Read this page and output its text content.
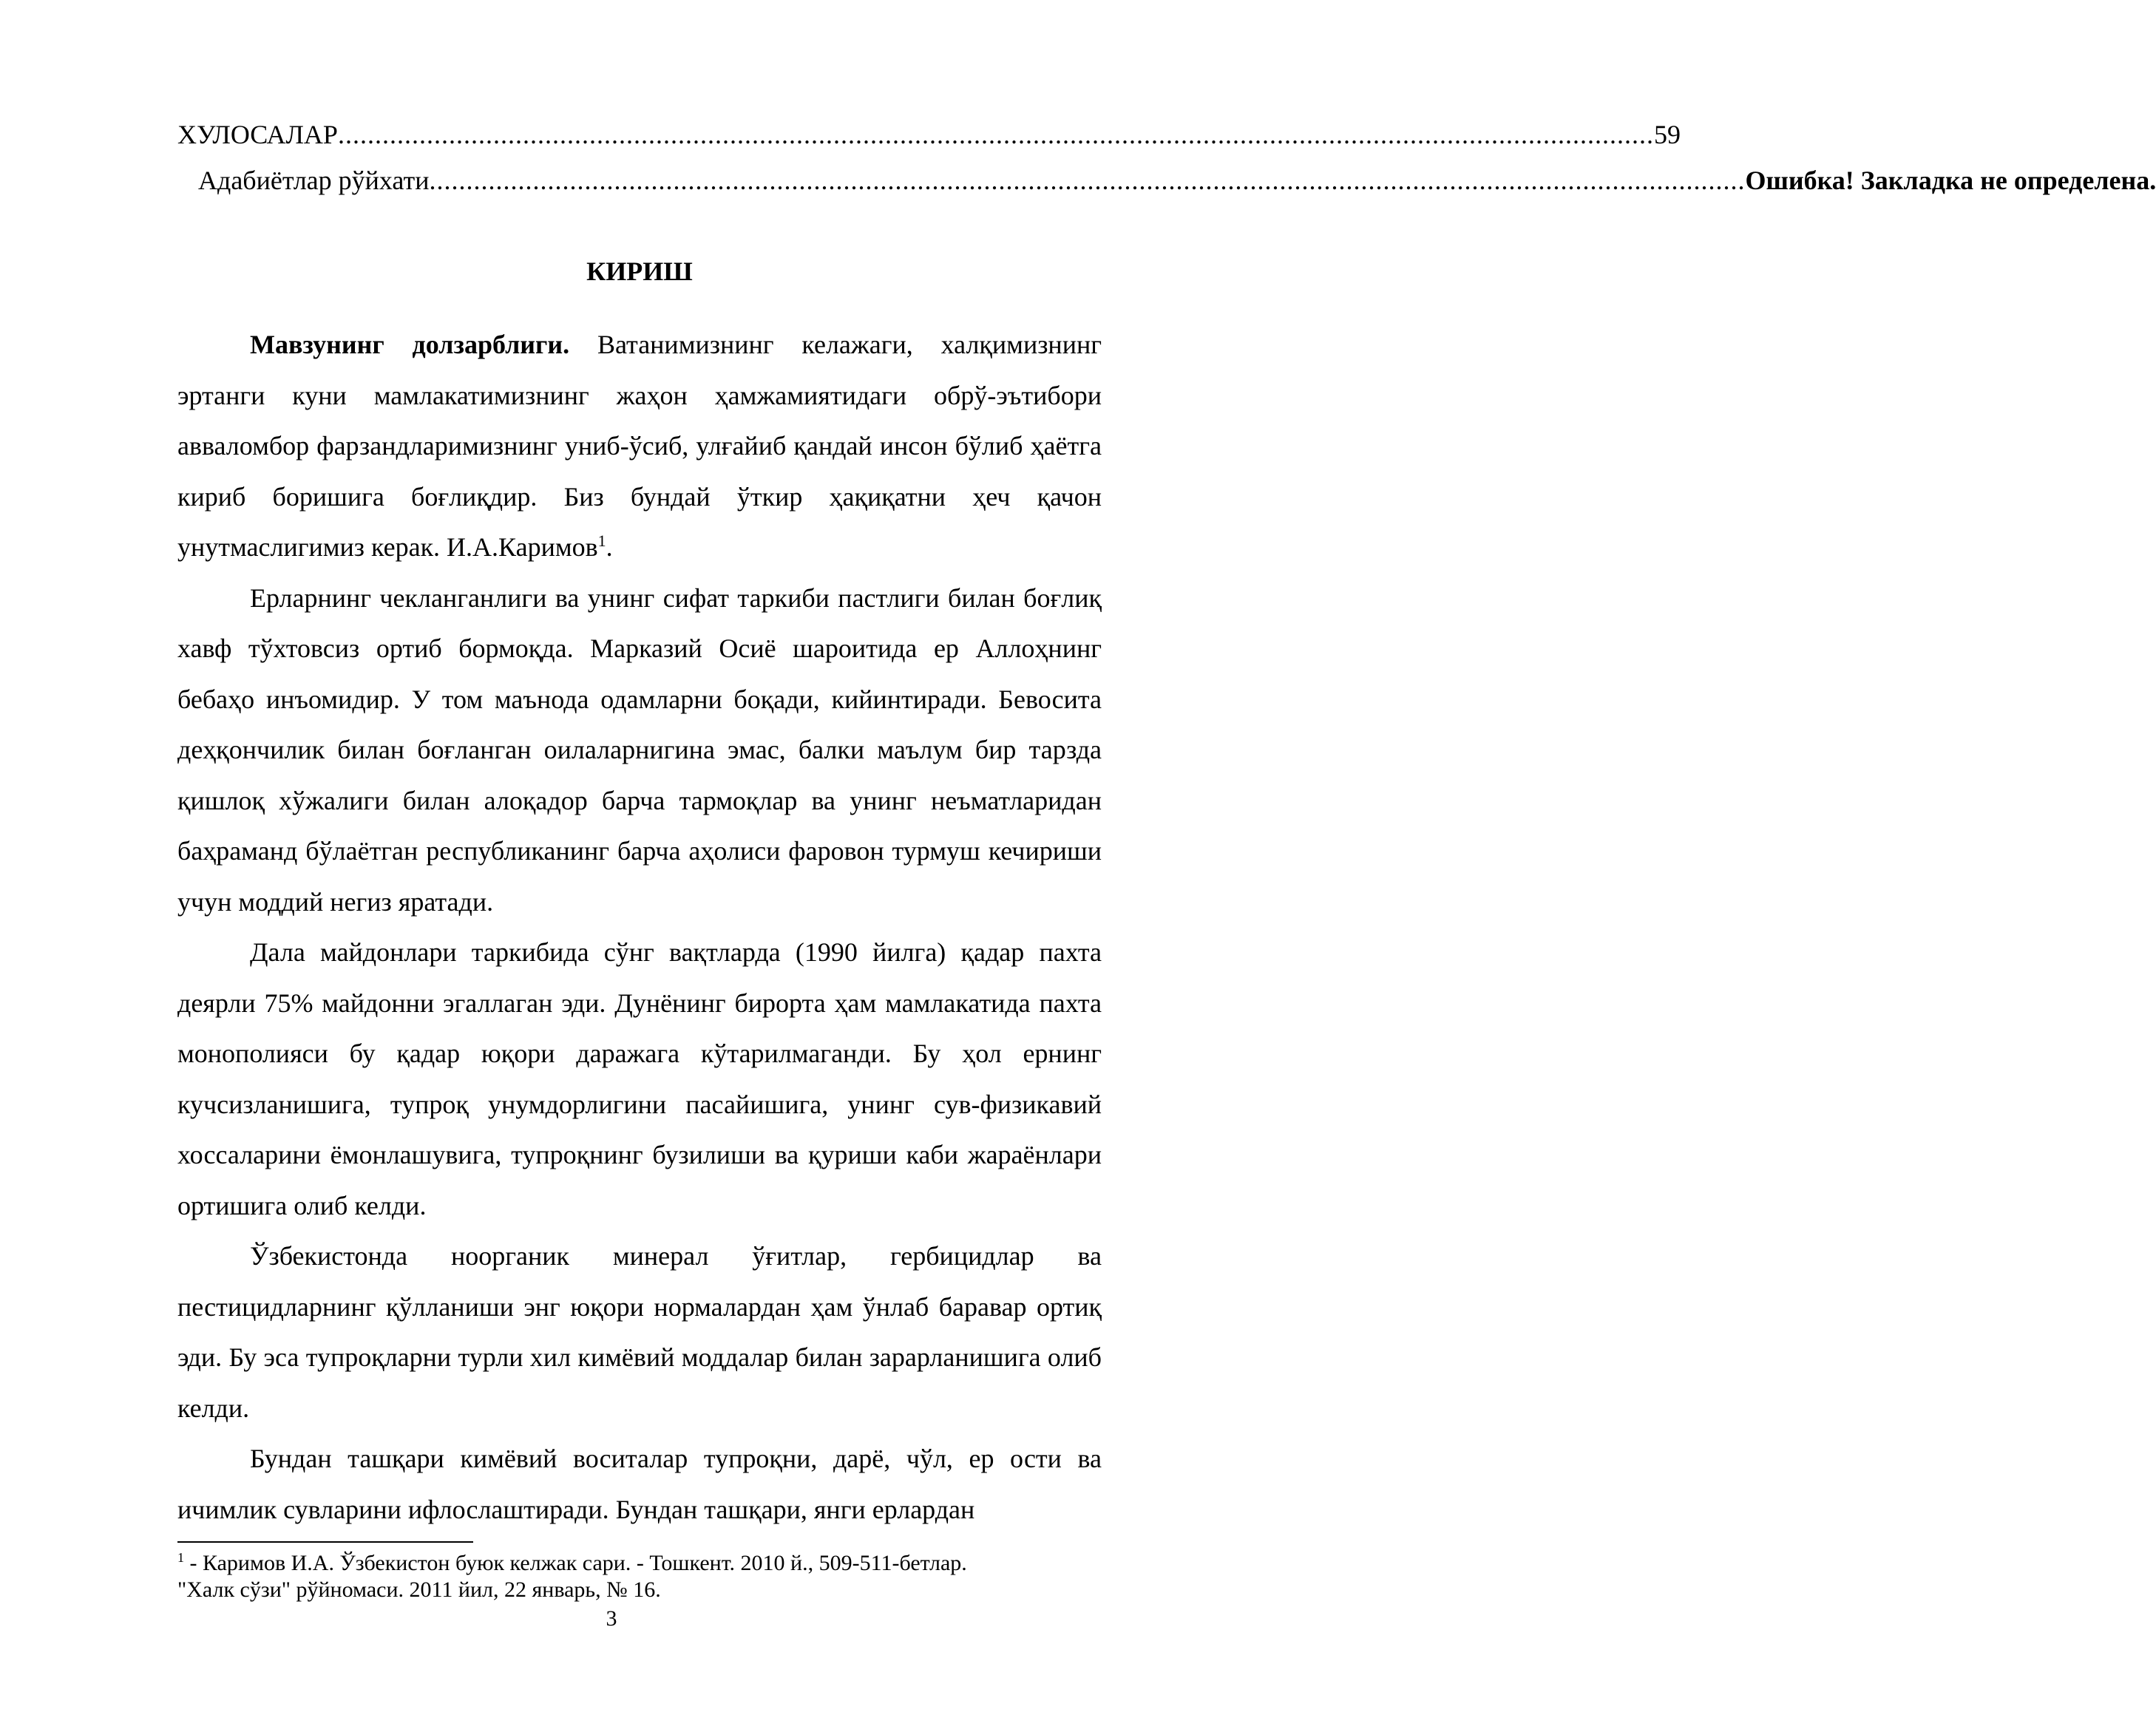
ХУЛОСАЛАР .................................................................................................................................................................................. 59
Адабиётлар рўйхати .................................................................................................................................................................................. Ошибка! Закладка не определена.
КИРИШ

Мавзунинг долзарблиги. Ватанимизнинг келажаги, халқимизнинг эртанги куни мамлакатимизнинг жаҳон ҳамжамиятидаги обрў-эътибори авваломбор фарзандларимизнинг униб-ўсиб, улғайиб қандай инсон бўлиб ҳаётга кириб боришига боғлиқдир. Биз бундай ўткир ҳақиқатни ҳеч қачон унутмаслигимиз керак. И.А.Каримов$^1$.

Ерларнинг чекланганлиги ва унинг сифат таркиби пастлиги билан боғлиқ хавф тўхтовсиз ортиб бормоқда. Марказий Осиё шароитида ер Аллоҳнинг бебаҳо инъомидир. У том маънода одамларни боқади, кийинтиради. Бевосита деҳқончилик билан боғланган оилаларнигина эмас, балки маълум бир тарзда қишлоқ хўжалиги билан алоқадор барча тармоқлар ва унинг неъматларидан баҳраманд бўлаётган республиканинг барча аҳолиси фаровон турмуш кечириши учун моддий негиз яратади.

Дала майдонлари таркибида сўнг вақтларда (1990 йилга) қадар пахта деярли 75% майдонни эгаллаган эди. Дунёнинг бирорта ҳам мамлакатида пахта монополияси бу қадар юқори даражага кўтарилмаганди. Бу ҳол ернинг кучсизланишига, тупроқ унумдорлигини пасайишига, унинг сув-физикавий хоссаларини ёмонлашувига, тупроқнинг бузилиши ва қуриши каби жараёнлари ортишига олиб келди.

Ўзбекистонда ноорганик минерал ўғитлар, гербицидлар ва пестицидларнинг қўлланиши энг юқори нормалардан ҳам ўнлаб баравар ортиқ эди. Бу эса тупроқларни турли хил кимёвий моддалар билан зарарланишига олиб келди.

Бундан ташқари кимёвий воситалар тупроқни, дарё, чўл, ер ости ва ичимлик сувларини ифлослаштиради. Бундан ташқари, янги ерлардан

$^1$ - Каримов И.А. Ўзбекистон буюк келжак сари. - Тошкент. 2010 й., 509-511-бетлар.

"Халк сўзи" рўйномаси. 2011 йил, 22 январь, № 16.

3
